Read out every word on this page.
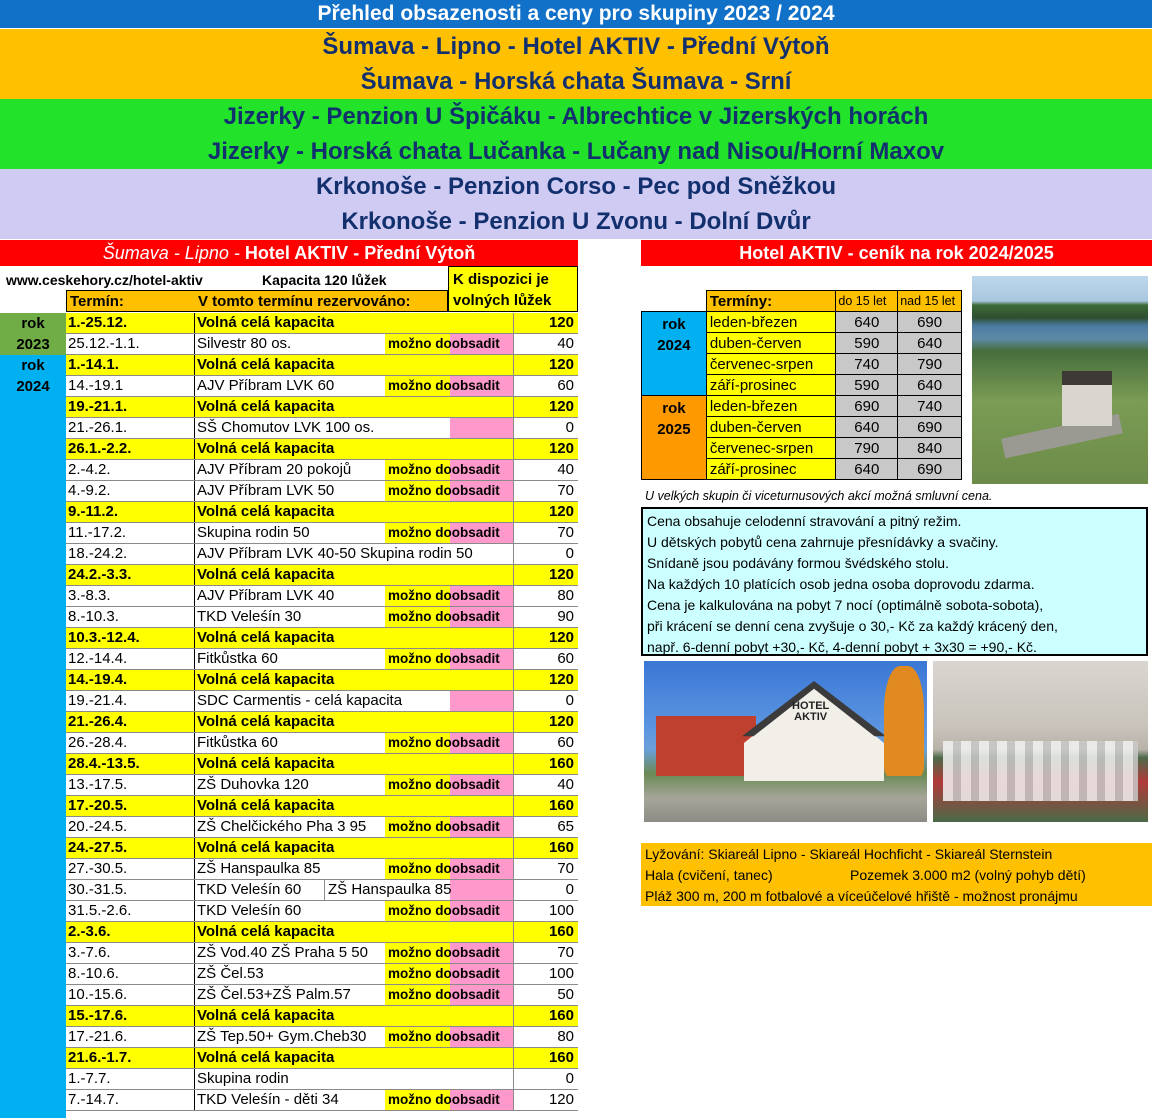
Přehled obsazenosti a ceny pro skupiny 2023 / 2024
Šumava - Lipno - Hotel AKTIV - Přední Výtoň
Šumava - Horská chata Šumava - Srní
Jizerky - Penzion U Špičáku - Albrechtice v Jizerských horách
Jizerky - Horská chata Lučanka - Lučany nad Nisou/Horní Maxov
Krkonoše - Penzion Corso - Pec pod Sněžkou
Krkonoše - Penzion U Zvonu - Dolní Dvůr
Šumava - Lipno - Hotel AKTIV - Přední Výtoň
www.ceskehory.cz/hotel-aktiv	Kapacita 120 lůžek	K dispozici je
volných lůžek
Termín:	V tomto termínu rezervováno:
rok
2023
rok
2024
1.-25.12.	Volná celá kapacita	120
25.12.-1.1.	Silvestr 80 os.	možno doobsadit	40
1.-14.1.	Volná celá kapacita	120
14.-19.1	AJV Příbram LVK 60	možno doobsadit	60
19.-21.1.	Volná celá kapacita	120
21.-26.1.	SŠ Chomutov LVK 100 os.	0
26.1.-2.2.	Volná celá kapacita	120
2.-4.2.	AJV Příbram 20 pokojů	možno doobsadit	40
4.-9.2.	AJV Příbram LVK 50	možno doobsadit	70
9.-11.2.	Volná celá kapacita	120
11.-17.2.	Skupina rodin 50	možno doobsadit	70
18.-24.2.	AJV Příbram LVK 40-50 Skupina rodin 50	0
24.2.-3.3.	Volná celá kapacita	120
3.-8.3.	AJV Příbram LVK 40	možno doobsadit	80
8.-10.3.	TKD Veleśín 30	možno doobsadit	90
10.3.-12.4.	Volná celá kapacita	120
12.-14.4.	Fitkůstka 60	možno doobsadit	60
14.-19.4.	Volná celá kapacita	120
19.-21.4.	SDC Carmentis - celá kapacita	0
21.-26.4.	Volná celá kapacita	120
26.-28.4.	Fitkůstka 60	možno doobsadit	60
28.4.-13.5.	Volná celá kapacita	160
13.-17.5.	ZŠ Duhovka 120	možno doobsadit	40
17.-20.5.	Volná celá kapacita	160
20.-24.5.	ZŠ Chelčického Pha 3 95	možno doobsadit	65
24.-27.5.	Volná celá kapacita	160
27.-30.5.	ZŠ Hanspaulka 85	možno doobsadit	70
30.-31.5.	TKD Veleśín 60	ZŠ Hanspaulka 85	0
31.5.-2.6.	TKD Veleśín 60	možno doobsadit	100
2.-3.6.	Volná celá kapacita	160
3.-7.6.	ZŠ Vod.40 ZŠ Praha 5 50	možno doobsadit	70
8.-10.6.	ZŠ Čel.53	možno doobsadit	100
10.-15.6.	ZŠ Čel.53+ZŠ Palm.57	možno doobsadit	50
15.-17.6.	Volná celá kapacita	160
17.-21.6.	ZŠ Tep.50+ Gym.Cheb30	možno doobsadit	80
21.6.-1.7.	Volná celá kapacita	160
1.-7.7.	Skupina rodin	0
7.-14.7.	TKD Veleśín - děti 34	možno doobsadit	120
Hotel AKTIV - ceník na rok 2024/2025
	Termíny:	do 15 let	nad 15 let

rok
2024	leden-březen	640	690
	duben-červen	590	640
	červenec-srpen	740	790
	září-prosinec	590	640

rok
2025	leden-březen	690	740
	duben-červen	640	690
	červenec-srpen	790	840
	září-prosinec	640	690
U velkých skupin či viceturnusových akcí možná smluvní cena.
Cena obsahuje celodenní stravování a pitný režim.
U dětských pobytů cena zahrnuje přesnídávky a svačiny.
Snídaně jsou podávány formou švédského stolu.
Na každých 10 platících osob jedna osoba doprovodu zdarma.
Cena je kalkulována na pobyt 7 nocí (optimálně sobota-sobota),
při krácení se denní cena zvyšuje o 30,- Kč za každý krácený den,
např. 6-denní pobyt +30,- Kč, 4-denní pobyt + 3x30 = +90,- Kč.
HOTEL
AKTIV
Lyžování: Skiareál Lipno - Skiareál Hochficht - Skiareál Sternstein
Hala (cvičení, tanec)	Pozemek 3.000 m2 (volný pohyb dětí)
Pláž 300 m, 200 m fotbalové a víceúčelové hřiště - možnost pronájmu
